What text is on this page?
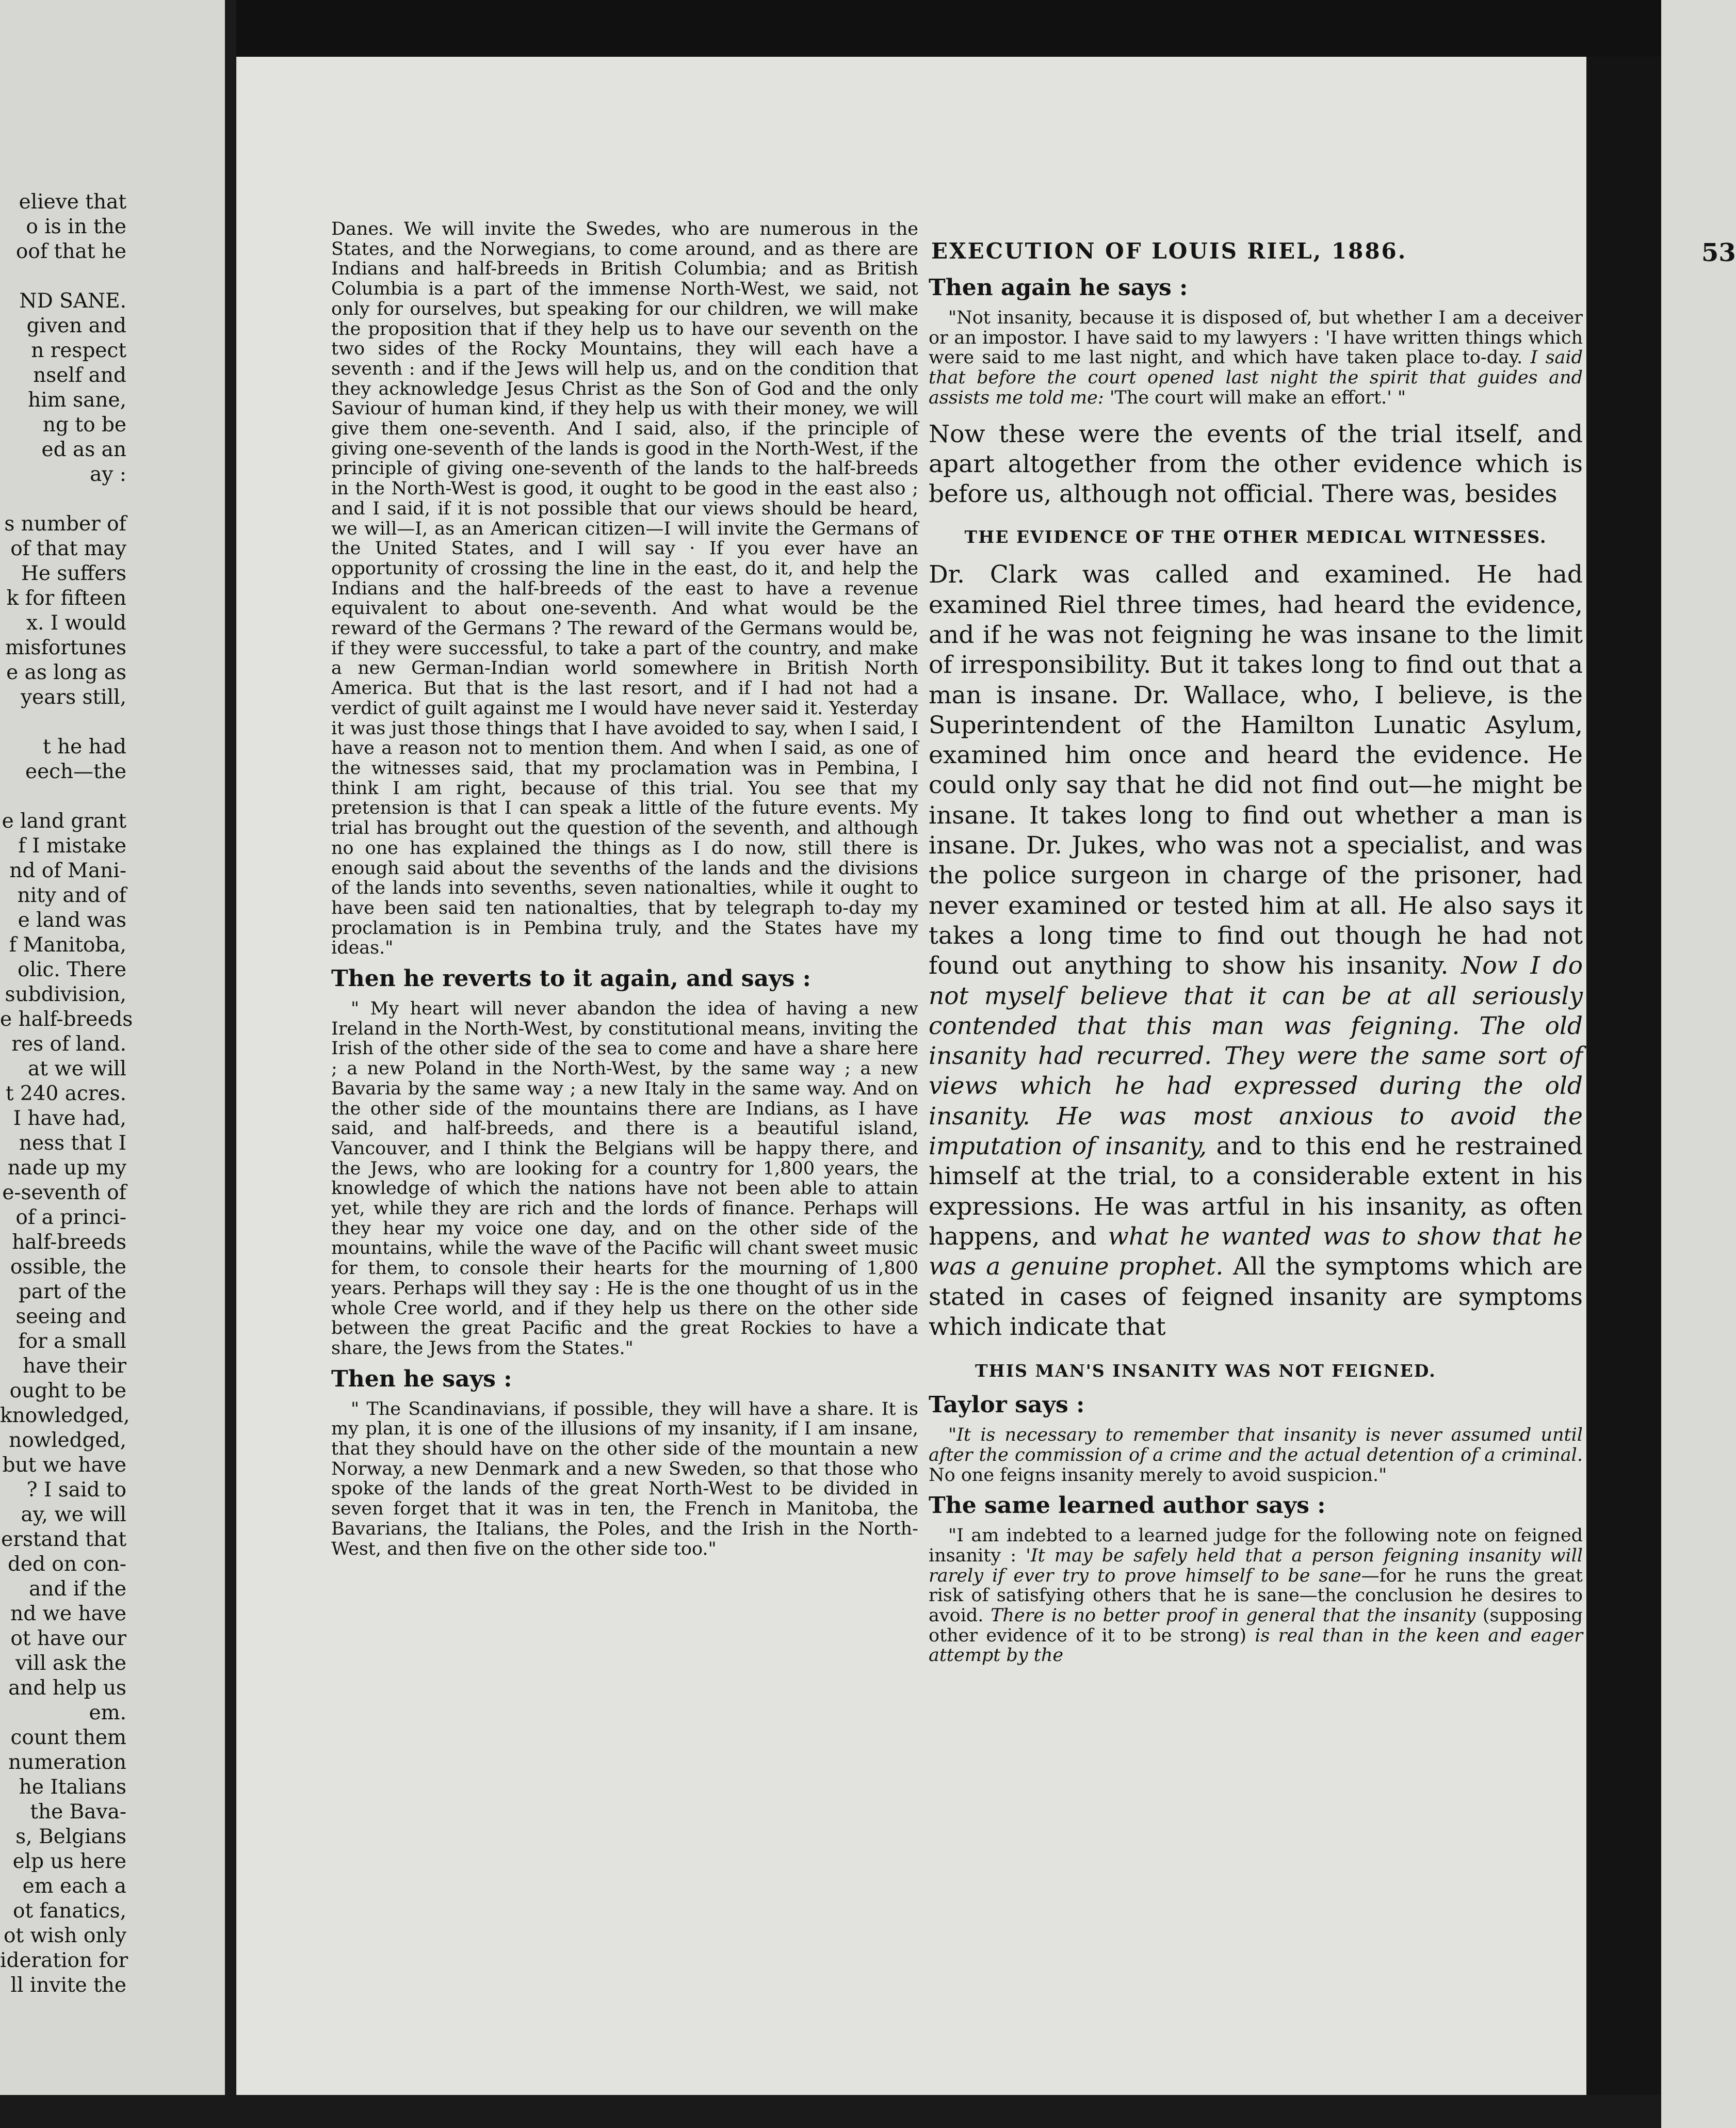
elieve that
o is in the
oof that he
ND SANE.
given and
n respect
nself and
him sane,
ng to be
ed as an
ay :
s number of
of that may
He suffers
k for fifteen
x. I would
misfortunes
e as long as
years still,
t he had
eech—the
e land grant
f I mistake
nd of Mani-
nity and of
e land was
f Manitoba,
olic. There
subdivision,
e half-breeds
res of land.
at we will
t 240 acres.
I have had,
ness that I
nade up my
e-seventh of
of a princi-
half-breeds
ossible, the
part of the
seeing and
for a small
have their
ought to be
knowledged,
nowledged,
but we have
? I said to
ay, we will
erstand that
ded on con-
and if the
nd we have
ot have our
vill ask the
and help us
em.
count them
numeration
he Italians
the Bava-
s, Belgians
elp us here
em each a
ot fanatics,
ot wish only
ideration for
ll invite the
EXECUTION OF LOUIS RIEL, 1886.	53

Danes. We will invite the Swedes, who are numerous in the States, and the Norwegians, to come around, and as there are Indians and half-breeds in British Columbia; and as British Columbia is a part of the immense North-West, we said, not only for ourselves, but speaking for our children, we will make the proposition that if they help us to have our seventh on the two sides of the Rocky Mountains, they will each have a seventh : and if the Jews will help us, and on the condition that they acknowledge Jesus Christ as the Son of God and the only Saviour of human kind, if they help us with their money, we will give them one-seventh. And I said, also, if the principle of giving one-seventh of the lands is good in the North-West, if the principle of giving one-seventh of the lands to the half-breeds in the North-West is good, it ought to be good in the east also ; and I said, if it is not possible that our views should be heard, we will—I, as an American citizen—I will invite the Germans of the United States, and I will say · If you ever have an opportunity of crossing the line in the east, do it, and help the Indians and the half-breeds of the east to have a revenue equivalent to about one-seventh. And what would be the reward of the Germans ? The reward of the Germans would be, if they were successful, to take a part of the country, and make a new German-Indian world somewhere in British North America. But that is the last resort, and if I had not had a verdict of guilt against me I would have never said it. Yesterday it was just those things that I have avoided to say, when I said, I have a reason not to mention them. And when I said, as one of the witnesses said, that my proclamation was in Pembina, I think I am right, because of this trial. You see that my pretension is that I can speak a little of the future events. My trial has brought out the question of the seventh, and although no one has explained the things as I do now, still there is enough said about the sevenths of the lands and the divisions of the lands into sevenths, seven nationalties, while it ought to have been said ten nationalties, that by telegraph to-day my proclamation is in Pembina truly, and the States have my ideas."

Then he reverts to it again, and says :

" My heart will never abandon the idea of having a new Ireland in the North-West, by constitutional means, inviting the Irish of the other side of the sea to come and have a share here ; a new Poland in the North-West, by the same way ; a new Bavaria by the same way ; a new Italy in the same way. And on the other side of the mountains there are Indians, as I have said, and half-breeds, and there is a beautiful island, Vancouver, and I think the Belgians will be happy there, and the Jews, who are looking for a country for 1,800 years, the knowledge of which the nations have not been able to attain yet, while they are rich and the lords of finance. Perhaps will they hear my voice one day, and on the other side of the mountains, while the wave of the Pacific will chant sweet music for them, to console their hearts for the mourning of 1,800 years. Perhaps will they say : He is the one thought of us in the whole Cree world, and if they help us there on the other side between the great Pacific and the great Rockies to have a share, the Jews from the States."

Then he says :

" The Scandinavians, if possible, they will have a share. It is my plan, it is one of the illusions of my insanity, if I am insane, that they should have on the other side of the mountain a new Norway, a new Denmark and a new Sweden, so that those who spoke of the lands of the great North-West to be divided in seven forget that it was in ten, the French in Manitoba, the Bavarians, the Italians, the Poles, and the Irish in the North-West, and then five on the other side too."

Then again he says :

"Not insanity, because it is disposed of, but whether I am a deceiver or an impostor. I have said to my lawyers : 'I have written things which were said to me last night, and which have taken place to-day. I said that before the court opened last night the spirit that guides and assists me told me: 'The court will make an effort.' "

Now these were the events of the trial itself, and apart altogether from the other evidence which is before us, although not official. There was, besides

THE EVIDENCE OF THE OTHER MEDICAL WITNESSES.

Dr. Clark was called and examined. He had examined Riel three times, had heard the evidence, and if he was not feigning he was insane to the limit of irresponsibility. But it takes long to find out that a man is insane. Dr. Wallace, who, I believe, is the Superintendent of the Hamilton Lunatic Asylum, examined him once and heard the evidence. He could only say that he did not find out—he might be insane. It takes long to find out whether a man is insane. Dr. Jukes, who was not a specialist, and was the police surgeon in charge of the prisoner, had never examined or tested him at all. He also says it takes a long time to find out though he had not found out anything to show his insanity. Now I do not myself believe that it can be at all seriously contended that this man was feigning. The old insanity had recurred. They were the same sort of views which he had expressed during the old insanity. He was most anxious to avoid the imputation of insanity, and to this end he restrained himself at the trial, to a considerable extent in his expressions. He was artful in his insanity, as often happens, and what he wanted was to show that he was a genuine prophet. All the symptoms which are stated in cases of feigned insanity are symptoms which indicate that

THIS MAN'S INSANITY WAS NOT FEIGNED.

Taylor says :

"It is necessary to remember that insanity is never assumed until after the commission of a crime and the actual detention of a criminal. No one feigns insanity merely to avoid suspicion."

The same learned author says :

"I am indebted to a learned judge for the following note on feigned insanity : 'It may be safely held that a person feigning insanity will rarely if ever try to prove himself to be sane—for he runs the great risk of satisfying others that he is sane—the conclusion he desires to avoid. There is no better proof in general that the insanity (supposing other evidence of it to be strong) is real than in the keen and eager attempt by the
